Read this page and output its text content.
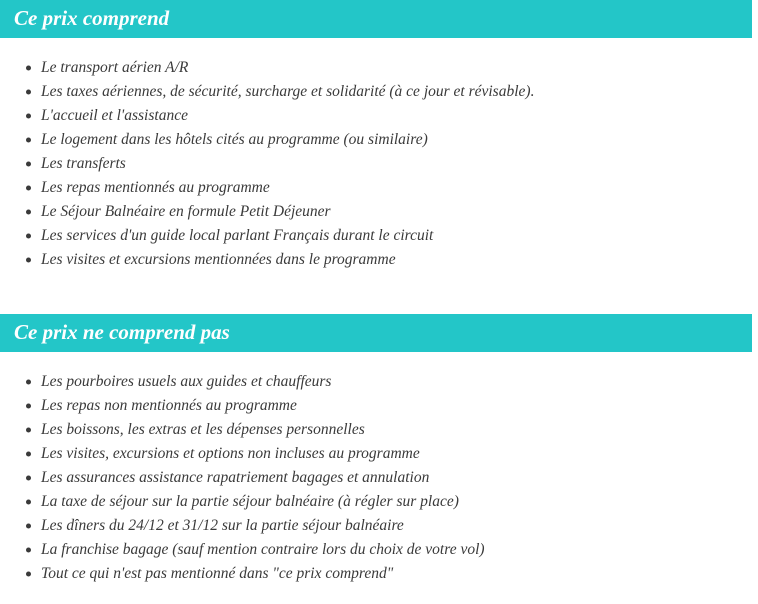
Ce prix comprend
Le transport aérien A/R
Les taxes aériennes, de sécurité, surcharge et solidarité (à ce jour et révisable).
L'accueil et l'assistance
Le logement dans les hôtels cités au programme (ou similaire)
Les transferts
Les repas mentionnés au programme
Le Séjour Balnéaire en formule Petit Déjeuner
Les services d'un guide local parlant Français durant le circuit
Les visites et excursions mentionnées dans le programme
Ce prix ne comprend pas
Les pourboires usuels aux guides et chauffeurs
Les repas non mentionnés au programme
Les boissons, les extras et les dépenses personnelles
Les visites, excursions et options non incluses au programme
Les assurances assistance rapatriement bagages et annulation
La taxe de séjour sur la partie séjour balnéaire (à régler sur place)
Les dîners du 24/12 et 31/12 sur la partie séjour balnéaire
La franchise bagage (sauf mention contraire lors du choix de votre vol)
Tout ce qui n'est pas mentionné dans "ce prix comprend"
